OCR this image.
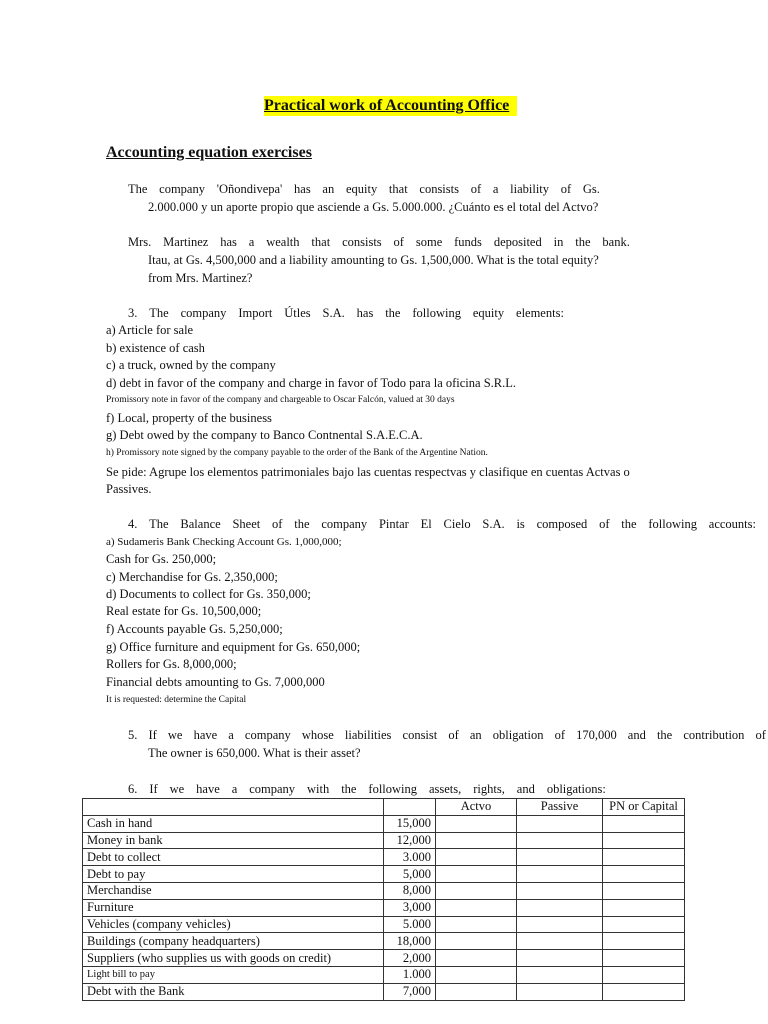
Practical work of Accounting Office
Accounting equation exercises
The company 'Oñondivepa' has an equity that consists of a liability of Gs.
2.000.000 y un aporte propio que asciende a Gs. 5.000.000. ¿Cuánto es el total del Actvo?
Mrs. Martinez has a wealth that consists of some funds deposited in the bank.
Itau, at Gs. 4,500,000 and a liability amounting to Gs. 1,500,000. What is the total equity?
from Mrs. Martinez?
3. The company Import Útles S.A. has the following equity elements:
a) Article for sale
b) existence of cash
c) a truck, owned by the company
d) debt in favor of the company and charge in favor of Todo para la oficina S.R.L.
Promissory note in favor of the company and chargeable to Oscar Falcón, valued at 30 days
f) Local, property of the business
g) Debt owed by the company to Banco Contnental S.A.E.C.A.
h) Promissory note signed by the company payable to the order of the Bank of the Argentine Nation.
Se pide: Agrupe los elementos patrimoniales bajo las cuentas respectvas y clasifique en cuentas Actvas o
Passives.
4. The Balance Sheet of the company Pintar El Cielo S.A. is composed of the following accounts:
a) Sudameris Bank Checking Account Gs. 1,000,000;
Cash for Gs. 250,000;
c) Merchandise for Gs. 2,350,000;
d) Documents to collect for Gs. 350,000;
Real estate for Gs. 10,500,000;
f) Accounts payable Gs. 5,250,000;
g) Office furniture and equipment for Gs. 650,000;
Rollers for Gs. 8,000,000;
Financial debts amounting to Gs. 7,000,000
It is requested: determine the Capital
5. If we have a company whose liabilities consist of an obligation of 170,000 and the contribution of
The owner is 650,000. What is their asset?
6. If we have a company with the following assets, rights, and obligations:
		Actvo	Passive	PN or Capital
Cash in hand	15,000			
Money in bank	12,000			
Debt to collect	3.000			
Debt to pay	5,000			
Merchandise	8,000			
Furniture	3,000			
Vehicles (company vehicles)	5.000			
Buildings (company headquarters)	18,000			
Suppliers (who supplies us with goods on credit)	2,000			
Light bill to pay	1.000			
Debt with the Bank	7,000			
